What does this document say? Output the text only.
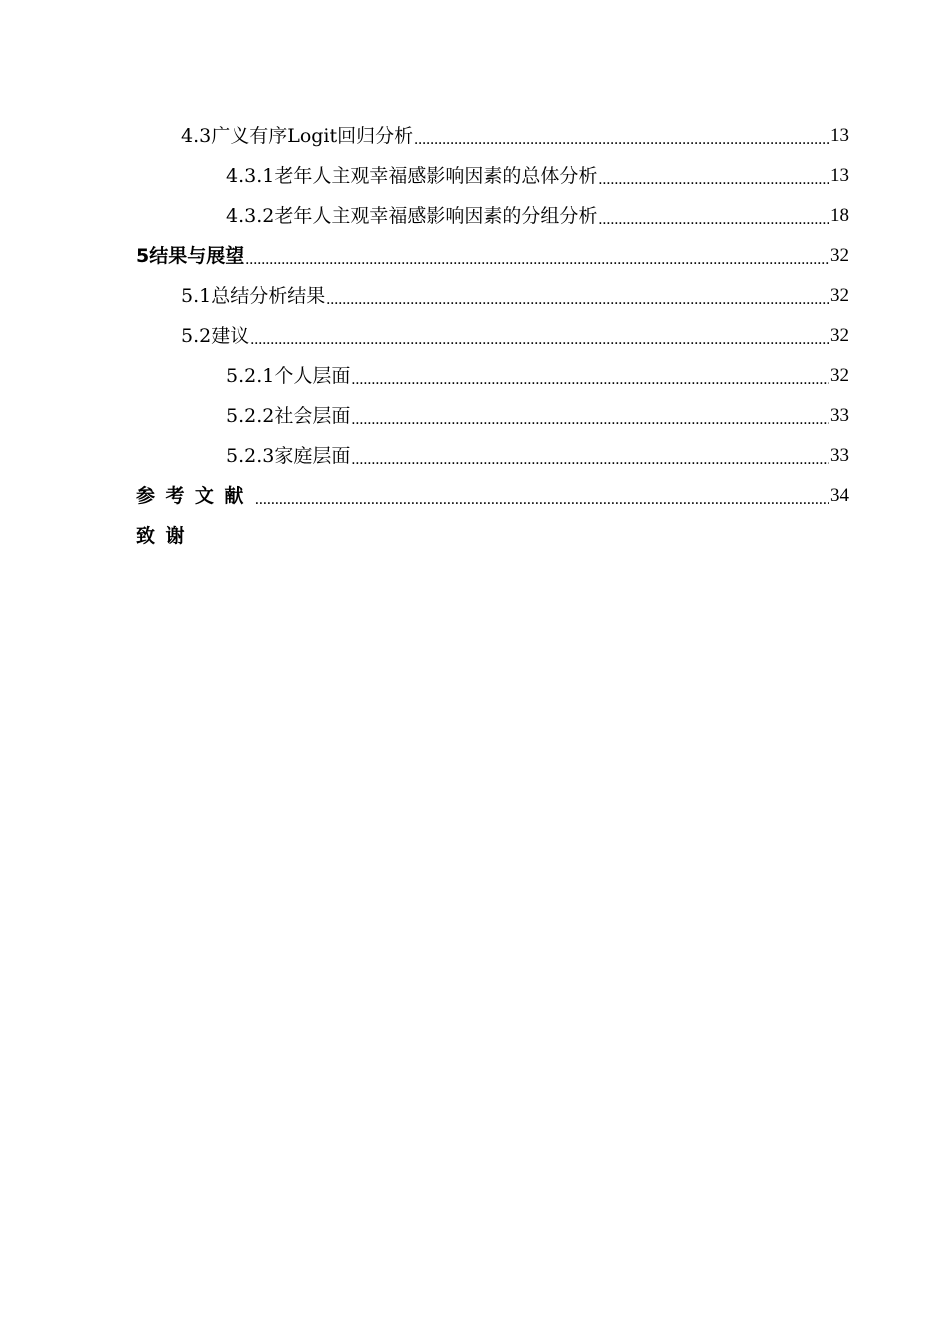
4.3广义有序Logit回归分析 .....	13
4.3.1老年人主观幸福感影响因素的总体分析 .....	13
4.3.2老年人主观幸福感影响因素的分组分析 .....	18
5结果与展望 .....	32
5.1总结分析结果 .....	32
5.2建议 .....	32
5.2.1个人层面 .....	32
5.2.2社会层面 .....	33
5.2.3家庭层面 .....	33
参考文献 .....	34
致谢
